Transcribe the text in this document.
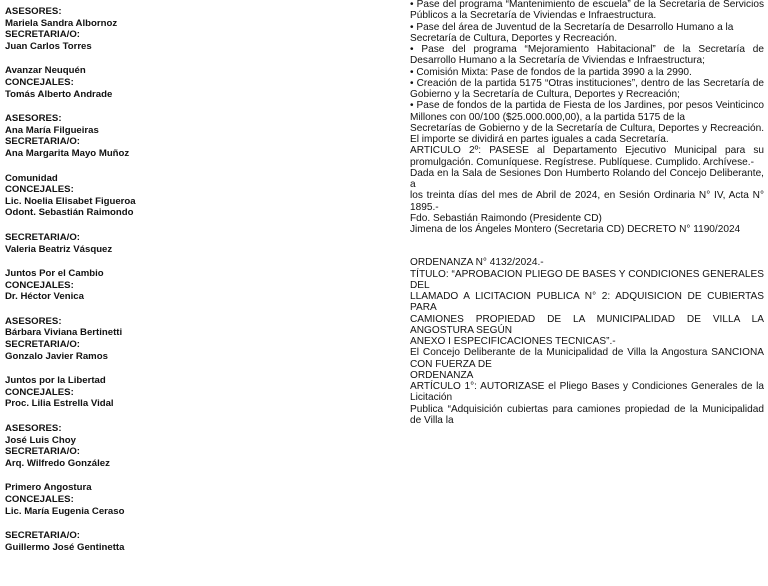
ASESORES:
Mariela Sandra Albornoz
SECRETARIA/O:
Juan Carlos Torres
Avanzar Neuquén
CONCEJALES:
Tomás Alberto Andrade
ASESORES:
Ana María Filgueiras
SECRETARIA/O:
Ana Margarita Mayo Muñoz
Comunidad
CONCEJALES:
Lic. Noelia Elisabet Figueroa
Odont. Sebastián Raimondo
SECRETARIA/O:
Valeria Beatriz Vásquez
Juntos Por el Cambio
CONCEJALES:
Dr. Héctor Venica
ASESORES:
Bárbara Viviana Bertinetti
SECRETARIA/O:
Gonzalo Javier Ramos
Juntos por la Libertad
CONCEJALES:
Proc. Lilia Estrella Vidal
ASESORES:
José Luis Choy
SECRETARIA/O:
Arq. Wilfredo González
Primero Angostura
CONCEJALES:
Lic. María Eugenia Ceraso
SECRETARIA/O:
Guillermo José Gentinetta
• Pase del programa “Mantenimiento de escuela” de la Secretaría de Servicios Públicos a la Secretaría de Viviendas e Infraestructura.
• Pase del área de Juventud de la Secretaría de Desarrollo Humano a la
Secretaría de Cultura, Deportes y Recreación.
• Pase del programa “Mejoramiento Habitacional” de la Secretaría de Desarrollo Humano a la Secretaría de Viviendas e Infraestructura;
• Comisión Mixta: Pase de fondos de la partida 3990 a la 2990.
• Creación de la partida 5175 “Otras instituciones”, dentro de las Secretaría de Gobierno y la Secretaría de Cultura, Deportes y Recreación;
• Pase de fondos de la partida de Fiesta de los Jardines, por pesos Veinticinco Millones con 00/100 ($25.000.000,00), a la partida 5175 de la
Secretarías de Gobierno y de la Secretaría de Cultura, Deportes y Recreación. El importe se dividirá en partes iguales a cada Secretaría.
ARTICULO 2º: PASESE al Departamento Ejecutivo Municipal para su promulgación. Comuníquese. Regístrese. Publíquese. Cumplido. Archívese.-
Dada en la Sala de Sesiones Don Humberto Rolando del Concejo Deliberante, a
los treinta días del mes de Abril de 2024, en Sesión Ordinaria N° IV, Acta N° 1895.-
Fdo. Sebastián Raimondo (Presidente CD)
Jimena de los Ángeles Montero (Secretaria CD) DECRETO N° 1190/2024
ORDENANZA N° 4132/2024.-
TÍTULO: “APROBACION PLIEGO DE BASES Y CONDICIONES GENERALES DEL
LLAMADO A LICITACION PUBLICA N° 2: ADQUISICION DE CUBIERTAS PARA
CAMIONES PROPIEDAD DE LA MUNICIPALIDAD DE VILLA LA ANGOSTURA SEGÚN
ANEXO I ESPECIFICACIONES TECNICAS”.-
El Concejo Deliberante de la Municipalidad de Villa la Angostura SANCIONA CON FUERZA DE
ORDENANZA
ARTÍCULO 1°: AUTORIZASE el Pliego Bases y Condiciones Generales de la Licitación
Publica “Adquisición cubiertas para camiones propiedad de la Municipalidad de Villa la
